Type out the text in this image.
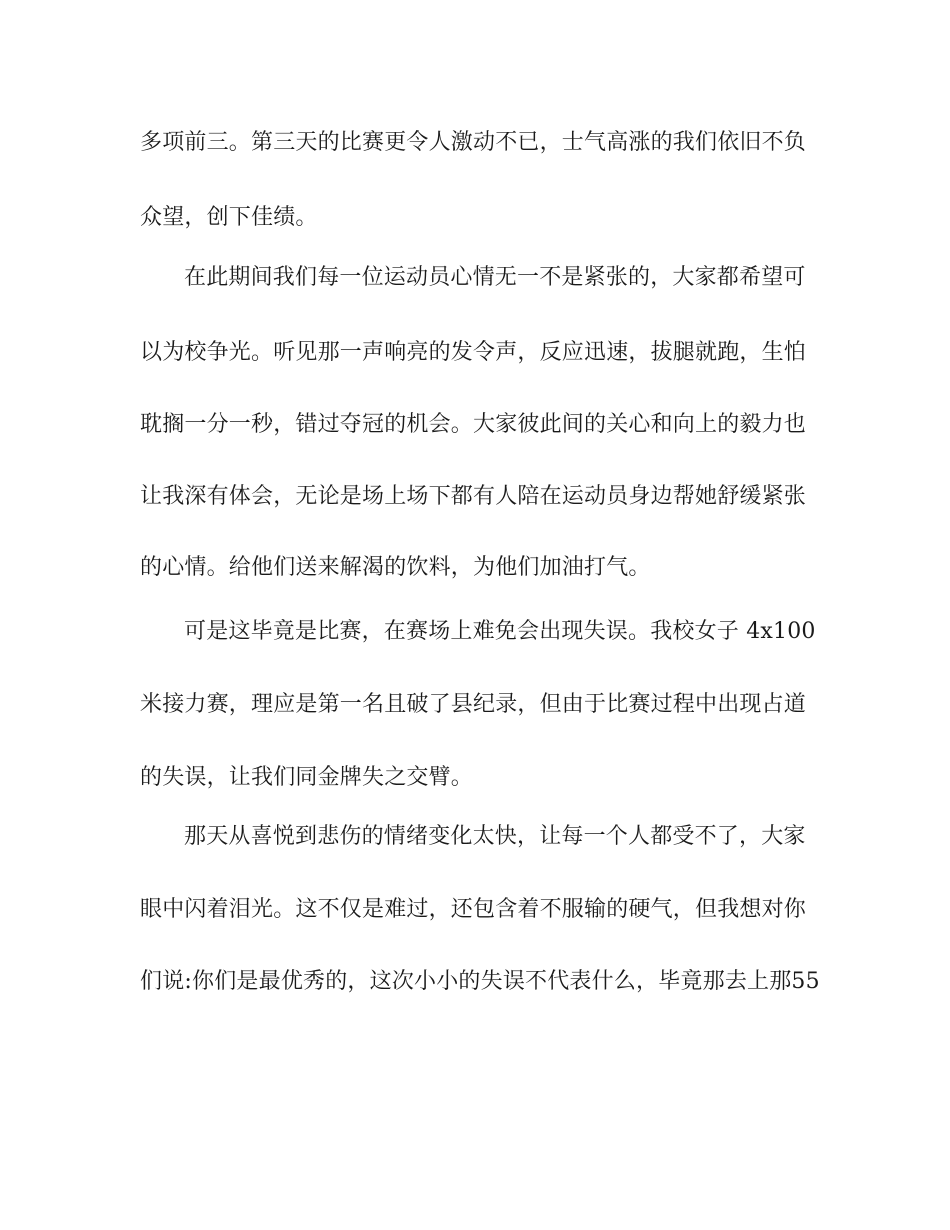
多项前三。第三天的比赛更令人激动不已，士气高涨的我们依旧不负
众望，创下佳绩。
在此期间我们每一位运动员心情无一不是紧张的，大家都希望可
以为校争光。听见那一声响亮的发令声，反应迅速，拔腿就跑，生怕
耽搁一分一秒，错过夺冠的机会。大家彼此间的关心和向上的毅力也
让我深有体会，无论是场上场下都有人陪在运动员身边帮她舒缓紧张
的心情。给他们送来解渴的饮料，为他们加油打气。
可是这毕竟是比赛，在赛场上难免会出现失误。我校女子 4x100
米接力赛，理应是第一名且破了县纪录，但由于比赛过程中出现占道
的失误，让我们同金牌失之交臂。
那天从喜悦到悲伤的情绪变化太快，让每一个人都受不了，大家
眼中闪着泪光。这不仅是难过，还包含着不服输的硬气，但我想对你
们说:你们是最优秀的，这次小小的失误不代表什么，毕竟那去上那55
